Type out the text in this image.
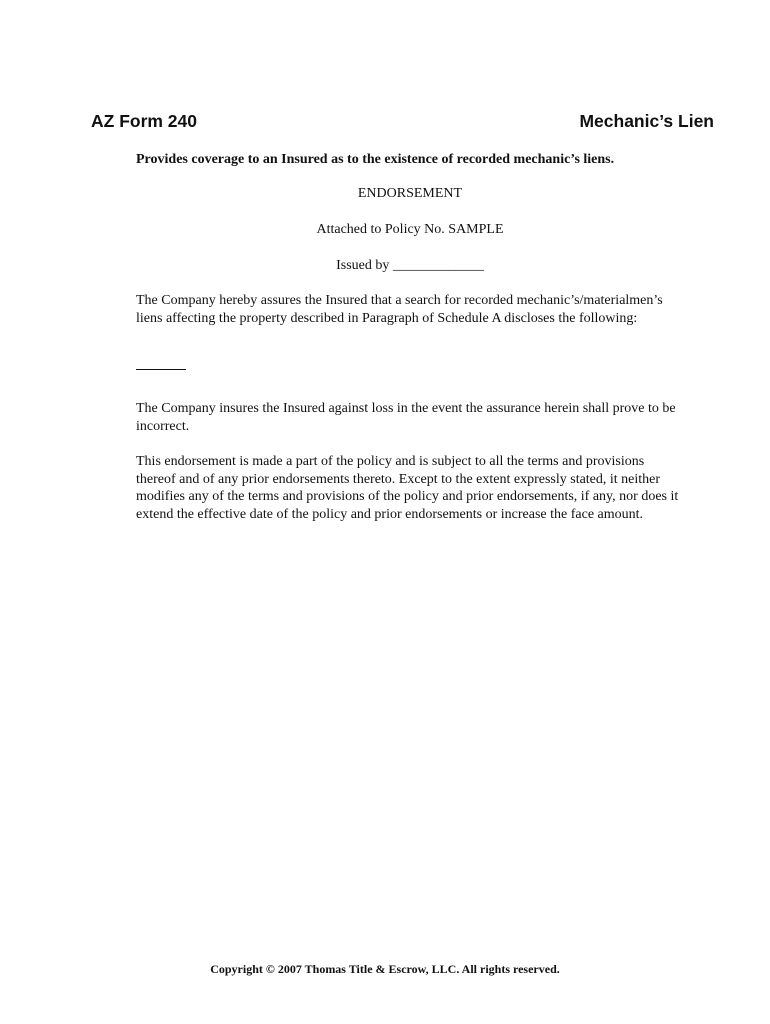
AZ Form 240	Mechanic’s Lien
Provides coverage to an Insured as to the existence of recorded mechanic’s liens.
ENDORSEMENT
Attached to Policy No. SAMPLE
Issued by _____________
The Company hereby assures the Insured that a search for recorded mechanic’s/materialmen’s liens affecting the property described in Paragraph of Schedule A discloses the following:
The Company insures the Insured against loss in the event the assurance herein shall prove to be incorrect.
This endorsement is made a part of the policy and is subject to all the terms and provisions thereof and of any prior endorsements thereto. Except to the extent expressly stated, it neither modifies any of the terms and provisions of the policy and prior endorsements, if any, nor does it extend the effective date of the policy and prior endorsements or increase the face amount.
Copyright © 2007 Thomas Title & Escrow, LLC. All rights reserved.
